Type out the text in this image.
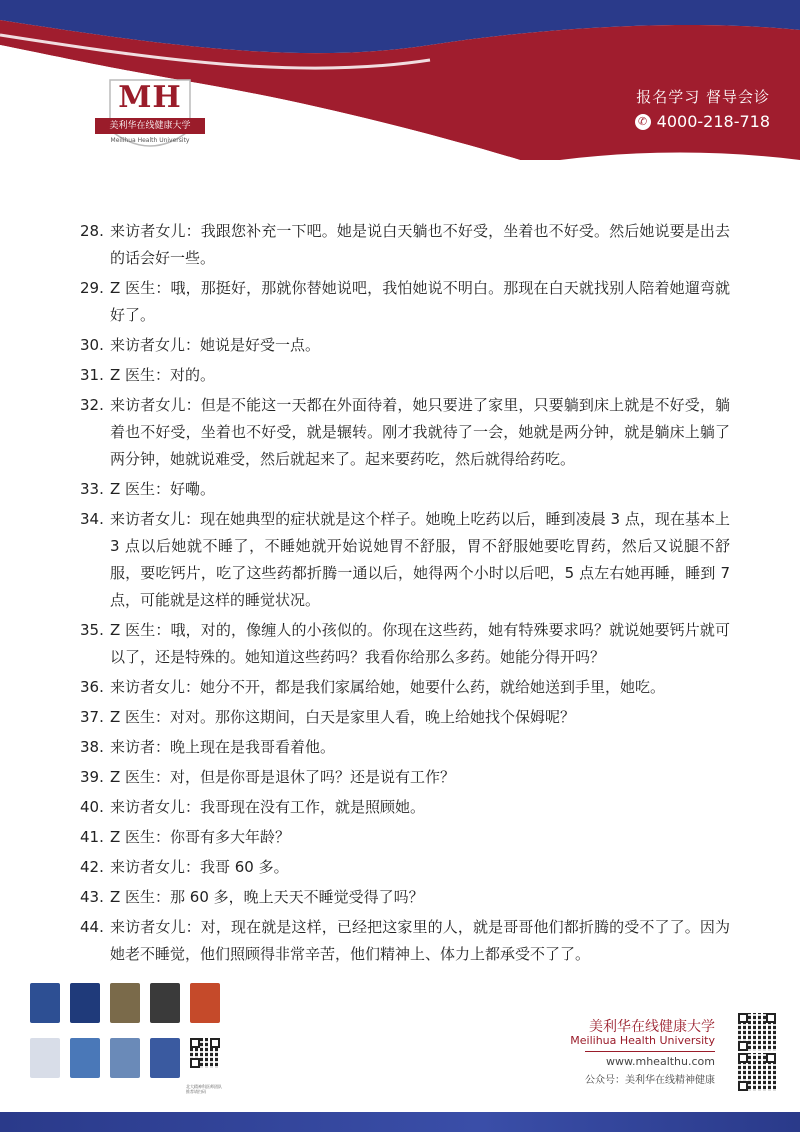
MH
美利华在线健康大学
Meilihua Health University
报名学习 督导会诊
✆ 4000-218-718
28. 来访者女儿：我跟您补充一下吧。她是说白天躺也不好受，坐着也不好受。然后她说要是出去的话会好一些。
29. Z 医生：哦，那挺好，那就你替她说吧，我怕她说不明白。那现在白天就找别人陪着她遛弯就好了。
30. 来访者女儿：她说是好受一点。
31. Z 医生：对的。
32. 来访者女儿：但是不能这一天都在外面待着，她只要进了家里，只要躺到床上就是不好受，躺着也不好受，坐着也不好受，就是辗转。刚才我就待了一会，她就是两分钟，就是躺床上躺了两分钟，她就说难受，然后就起来了。起来要药吃，然后就得给药吃。
33. Z 医生：好嘞。
34. 来访者女儿：现在她典型的症状就是这个样子。她晚上吃药以后，睡到凌晨 3 点，现在基本上 3 点以后她就不睡了，不睡她就开始说她胃不舒服，胃不舒服她要吃胃药，然后又说腿不舒服，要吃钙片，吃了这些药都折腾一通以后，她得两个小时以后吧，5 点左右她再睡，睡到 7 点，可能就是这样的睡觉状况。
35. Z 医生：哦，对的，像缠人的小孩似的。你现在这些药，她有特殊要求吗？就说她要钙片就可以了，还是特殊的。她知道这些药吗？我看你给那么多药。她能分得开吗？
36. 来访者女儿：她分不开，都是我们家属给她，她要什么药，就给她送到手里，她吃。
37. Z 医生：对对。那你这期间，白天是家里人看，晚上给她找个保姆呢？
38. 来访者：晚上现在是我哥看着他。
39. Z 医生：对，但是你哥是退休了吗？还是说有工作？
40. 来访者女儿：我哥现在没有工作，就是照顾她。
41. Z 医生：你哥有多大年龄？
42. 来访者女儿：我哥 60 多。
43. Z 医生：那 60 多，晚上天天不睡觉受得了吗？
44. 来访者女儿：对，现在就是这样，已经把这家里的人，就是哥哥他们都折腾的受不了了。因为她老不睡觉，他们照顾得非常辛苦，他们精神上、体力上都承受不了了。
北大精神科医师团队 推荐请扫码
美利华在线健康大学
Meilihua Health University
www.mhealthu.com
公众号：美利华在线精神健康
